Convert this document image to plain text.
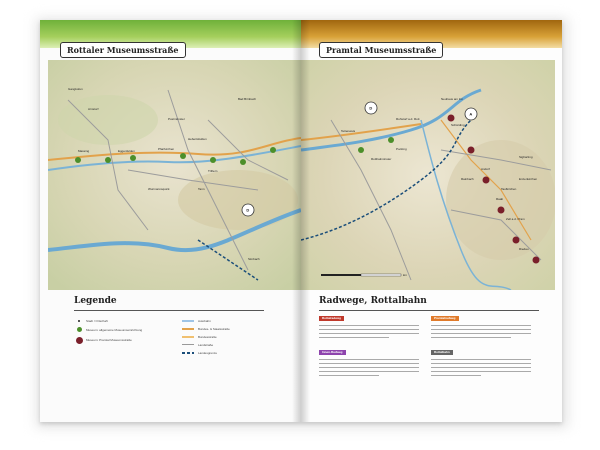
Rottaler Museumsstraße
Bad Birnbach
Pfarrkirchen
Eggenfelden
Massing
Triftern
Arnstorf
Simbach
Tann
Gangkofen
Wurmannsquick
Postmünster
Hebertsfelden
D
Legende
Stadt / Ortschaft
Museum: allgemeine Museumseinrichtung
Museum: Pramtal Museumsstraße
Autobahn
Bundes- & Staatsstraße
Bundesstraße
Landstraße
Landesgrenze
Pramtal Museumsstraße
Neuhaus am Inn
Schärding
Rotthalmünster
Pocking
Ruhstorf a.d. Rott
Tettenweis
Andorf
Raab
Sigharting
Riedau
Zell a.d. Pram
Taufkirchen
Rainbach	Enzenkirchen
D
A
km
Radwege, Rottalbahn
Rottalradweg
Innen-Radweg
Pramtalradweg
Rottalbahn
